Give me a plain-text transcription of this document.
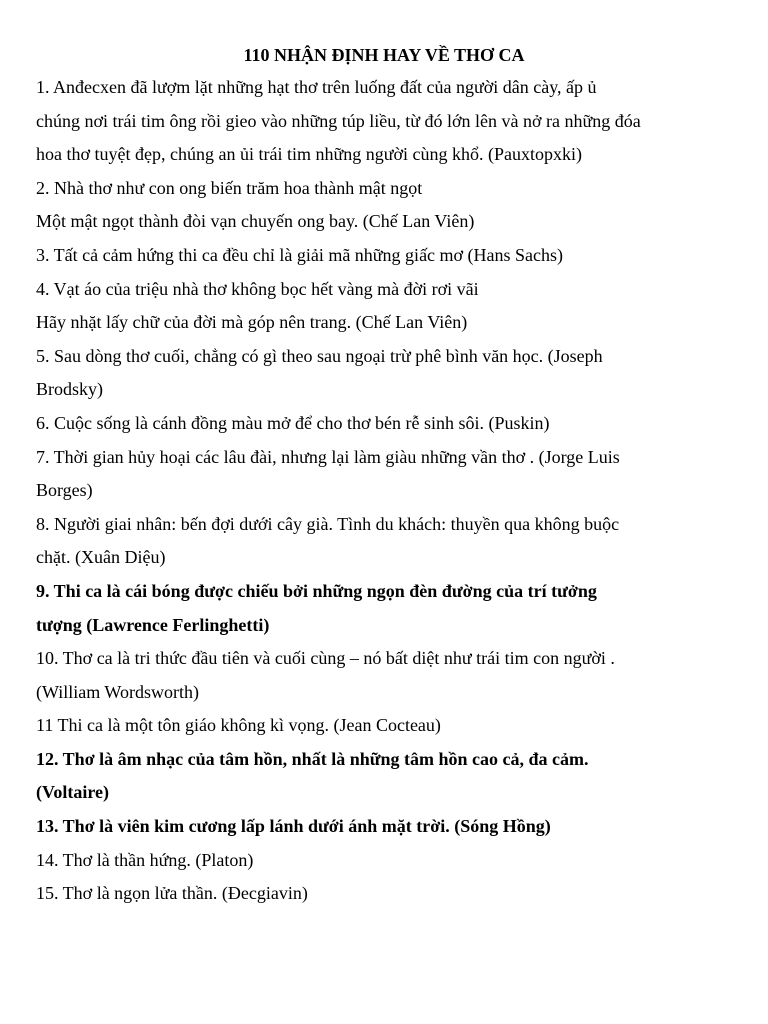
110 NHẬN ĐỊNH HAY VỀ THƠ CA

1. Anđecxen đã lượm lặt những hạt thơ trên luống đất của người dân cày, ấp ủ

chúng nơi trái tim ông rồi gieo vào những túp liều, từ đó lớn lên và nở ra những đóa

hoa thơ tuyệt đẹp, chúng an ủi trái tim những người cùng khổ. (Pauxtopxki)

2. Nhà thơ như con ong biến trăm hoa thành mật ngọt

Một mật ngọt thành đòi vạn chuyến ong bay. (Chế Lan Viên)

3. Tất cả cảm hứng thi ca đều chỉ là giải mã những giấc mơ (Hans Sachs)

4. Vạt áo của triệu nhà thơ không bọc hết vàng mà đời rơi vãi

Hãy nhặt lấy chữ của đời mà góp nên trang. (Chế Lan Viên)

5. Sau dòng thơ cuối, chẳng có gì theo sau ngoại trừ phê bình văn học. (Joseph

Brodsky)

6. Cuộc sống là cánh đồng màu mở để cho thơ bén rễ sinh sôi. (Puskin)

7. Thời gian hủy hoại các lâu đài, nhưng lại làm giàu những vần thơ . (Jorge Luis

Borges)

8. Người giai nhân: bến đợi dưới cây già. Tình du khách: thuyền qua không buộc

chặt. (Xuân Diệu)

9. Thi ca là cái bóng được chiếu bởi những ngọn đèn đường của trí tưởng

tượng (Lawrence Ferlinghetti)

10. Thơ ca là tri thức đầu tiên và cuối cùng – nó bất diệt như trái tim con người .

(William Wordsworth)

11 Thi ca là một tôn giáo không kì vọng. (Jean Cocteau)

12. Thơ là âm nhạc của tâm hồn, nhất là những tâm hồn cao cả, đa cảm.

(Voltaire)

13. Thơ là viên kim cương lấp lánh dưới ánh mặt trời. (Sóng Hồng)

14. Thơ là thần hứng. (Platon)

15. Thơ là ngọn lửa thần. (Đecgiavin)
